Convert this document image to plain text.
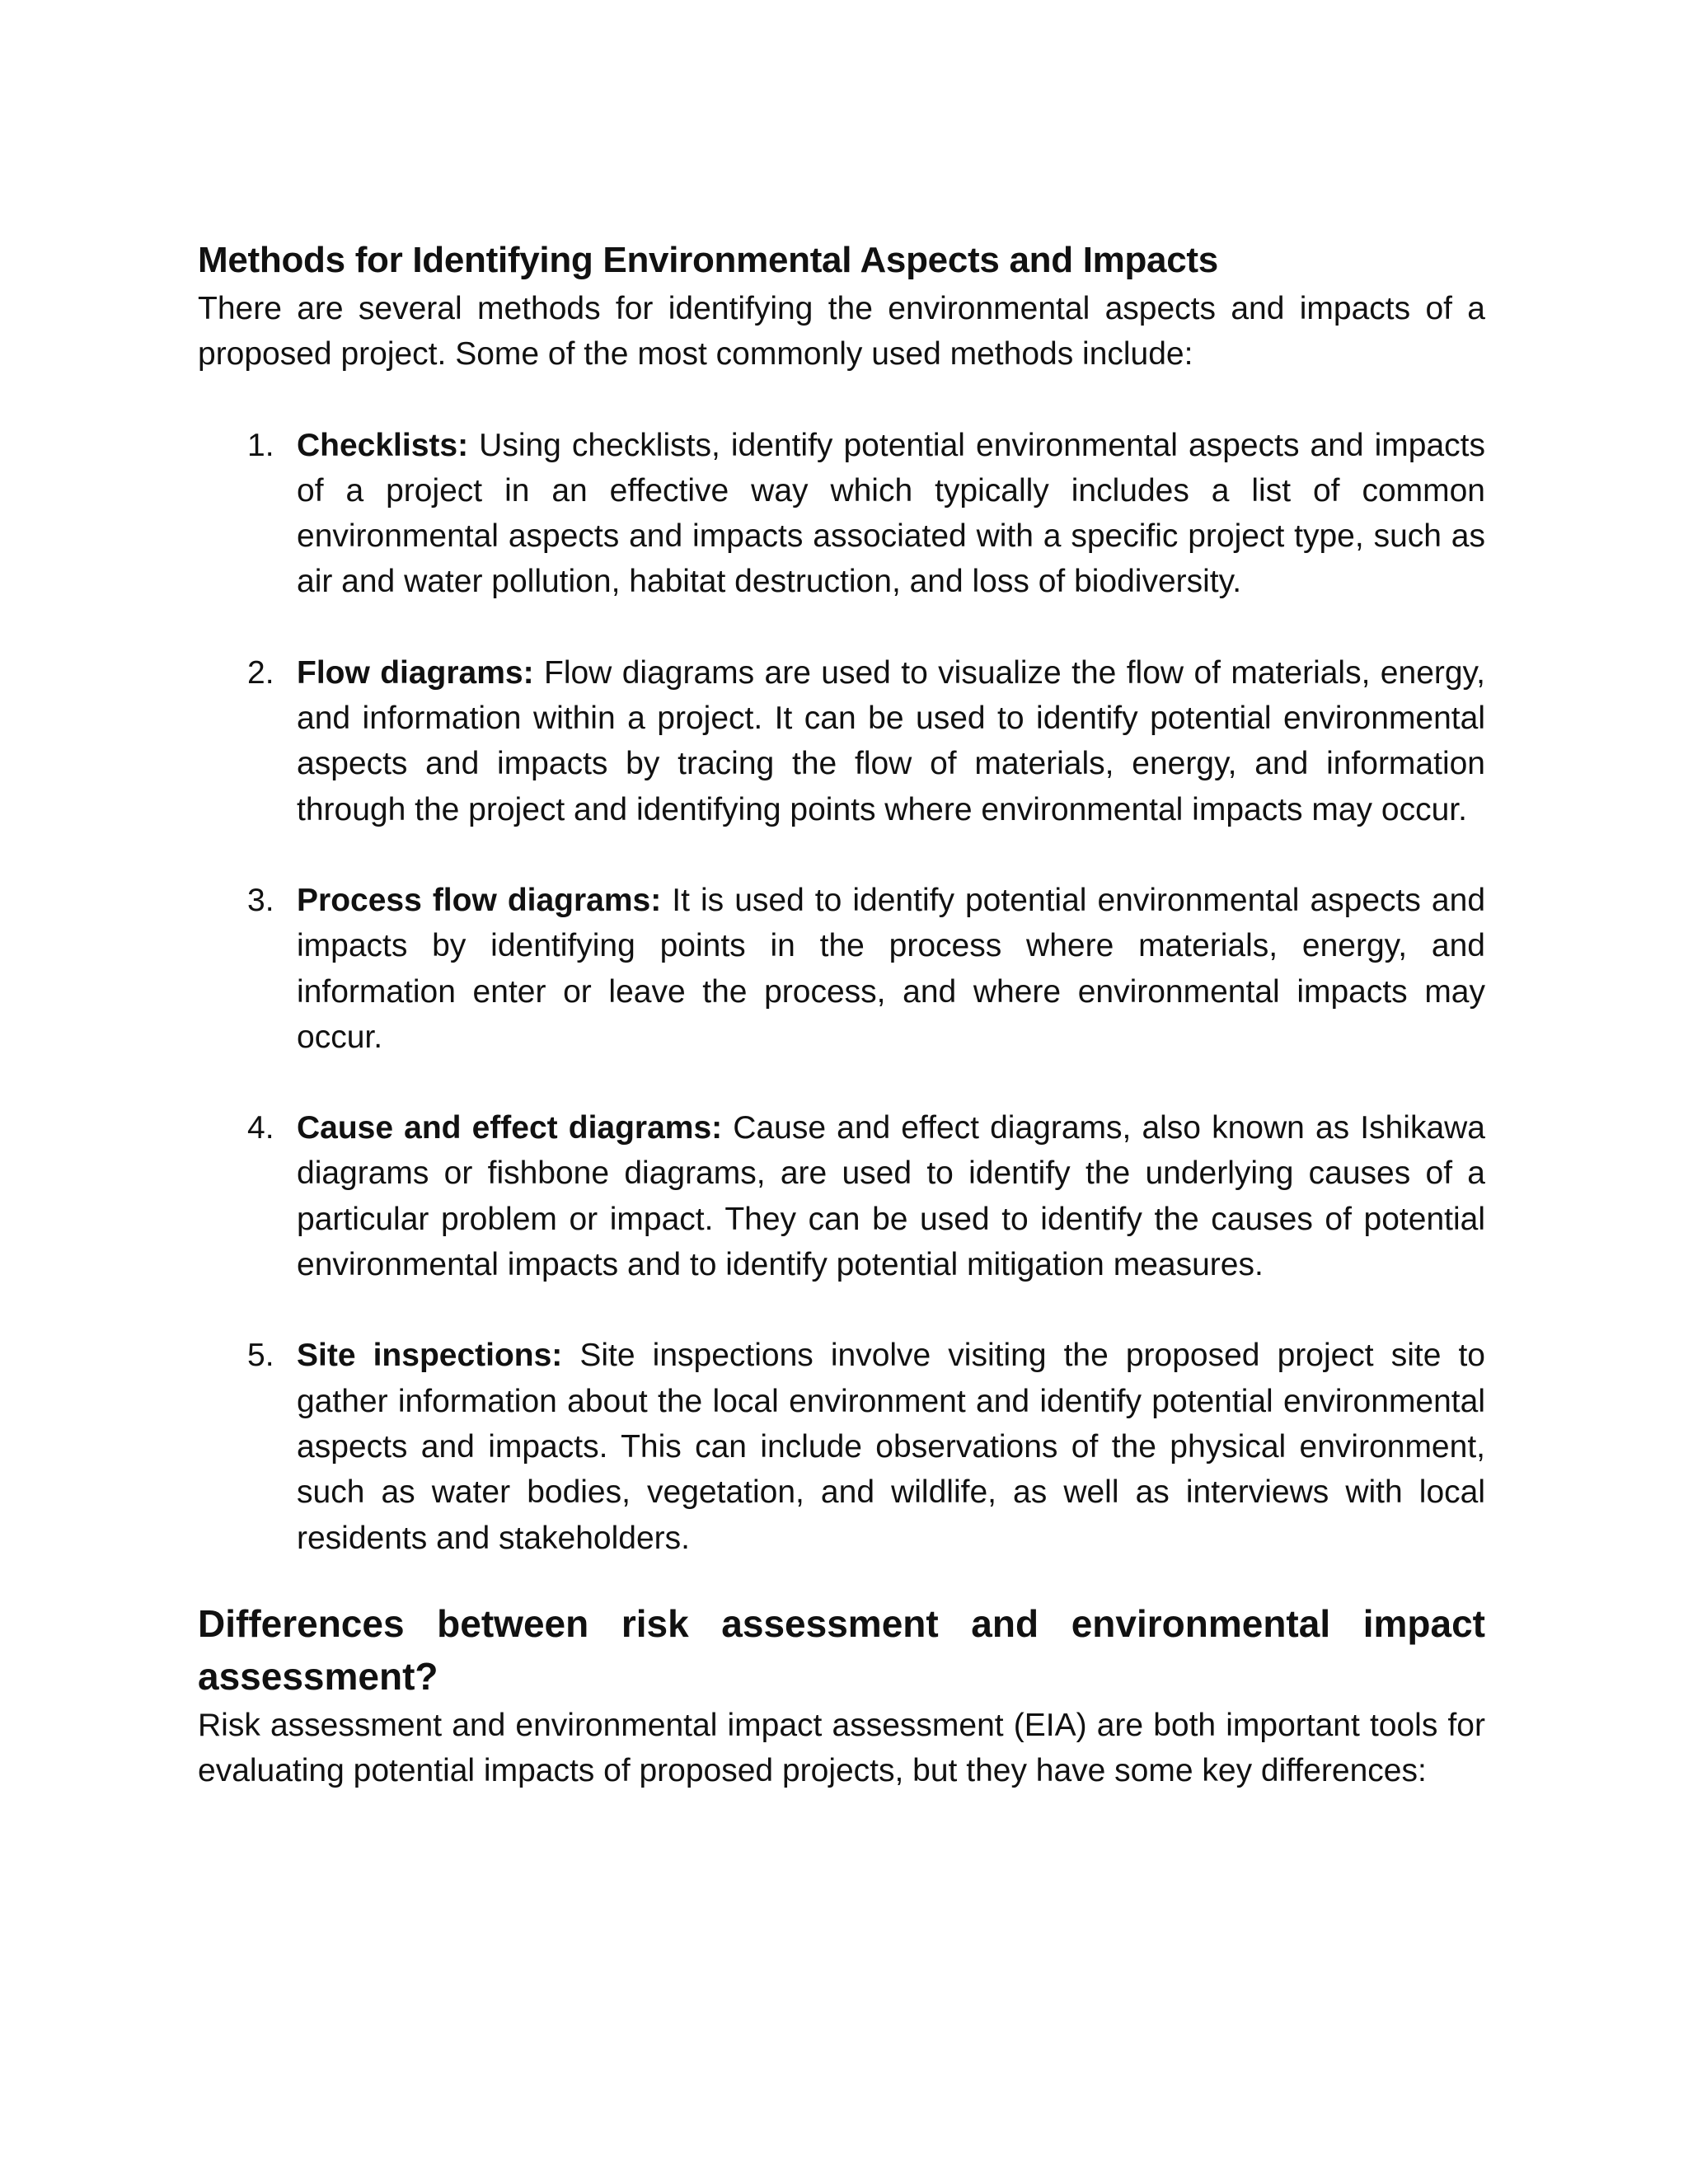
Methods for Identifying Environmental Aspects and Impacts

There are several methods for identifying the environmental aspects and impacts of a proposed project. Some of the most commonly used methods include:

1. Checklists: Using checklists, identify potential environmental aspects and impacts of a project in an effective way which typically includes a list of common environmental aspects and impacts associated with a specific project type, such as air and water pollution, habitat destruction, and loss of biodiversity.
2. Flow diagrams: Flow diagrams are used to visualize the flow of materials, energy, and information within a project. It can be used to identify potential environmental aspects and impacts by tracing the flow of materials, energy, and information through the project and identifying points where environmental impacts may occur.
3. Process flow diagrams: It is used to identify potential environmental aspects and impacts by identifying points in the process where materials, energy, and information enter or leave the process, and where environmental impacts may occur.
4. Cause and effect diagrams: Cause and effect diagrams, also known as Ishikawa diagrams or fishbone diagrams, are used to identify the underlying causes of a particular problem or impact. They can be used to identify the causes of potential environmental impacts and to identify potential mitigation measures.
5. Site inspections: Site inspections involve visiting the proposed project site to gather information about the local environment and identify potential environmental aspects and impacts. This can include observations of the physical environment, such as water bodies, vegetation, and wildlife, as well as interviews with local residents and stakeholders.
Differences between risk assessment and environmental impact assessment?

Risk assessment and environmental impact assessment (EIA) are both important tools for evaluating potential impacts of proposed projects, but they have some key differences:
